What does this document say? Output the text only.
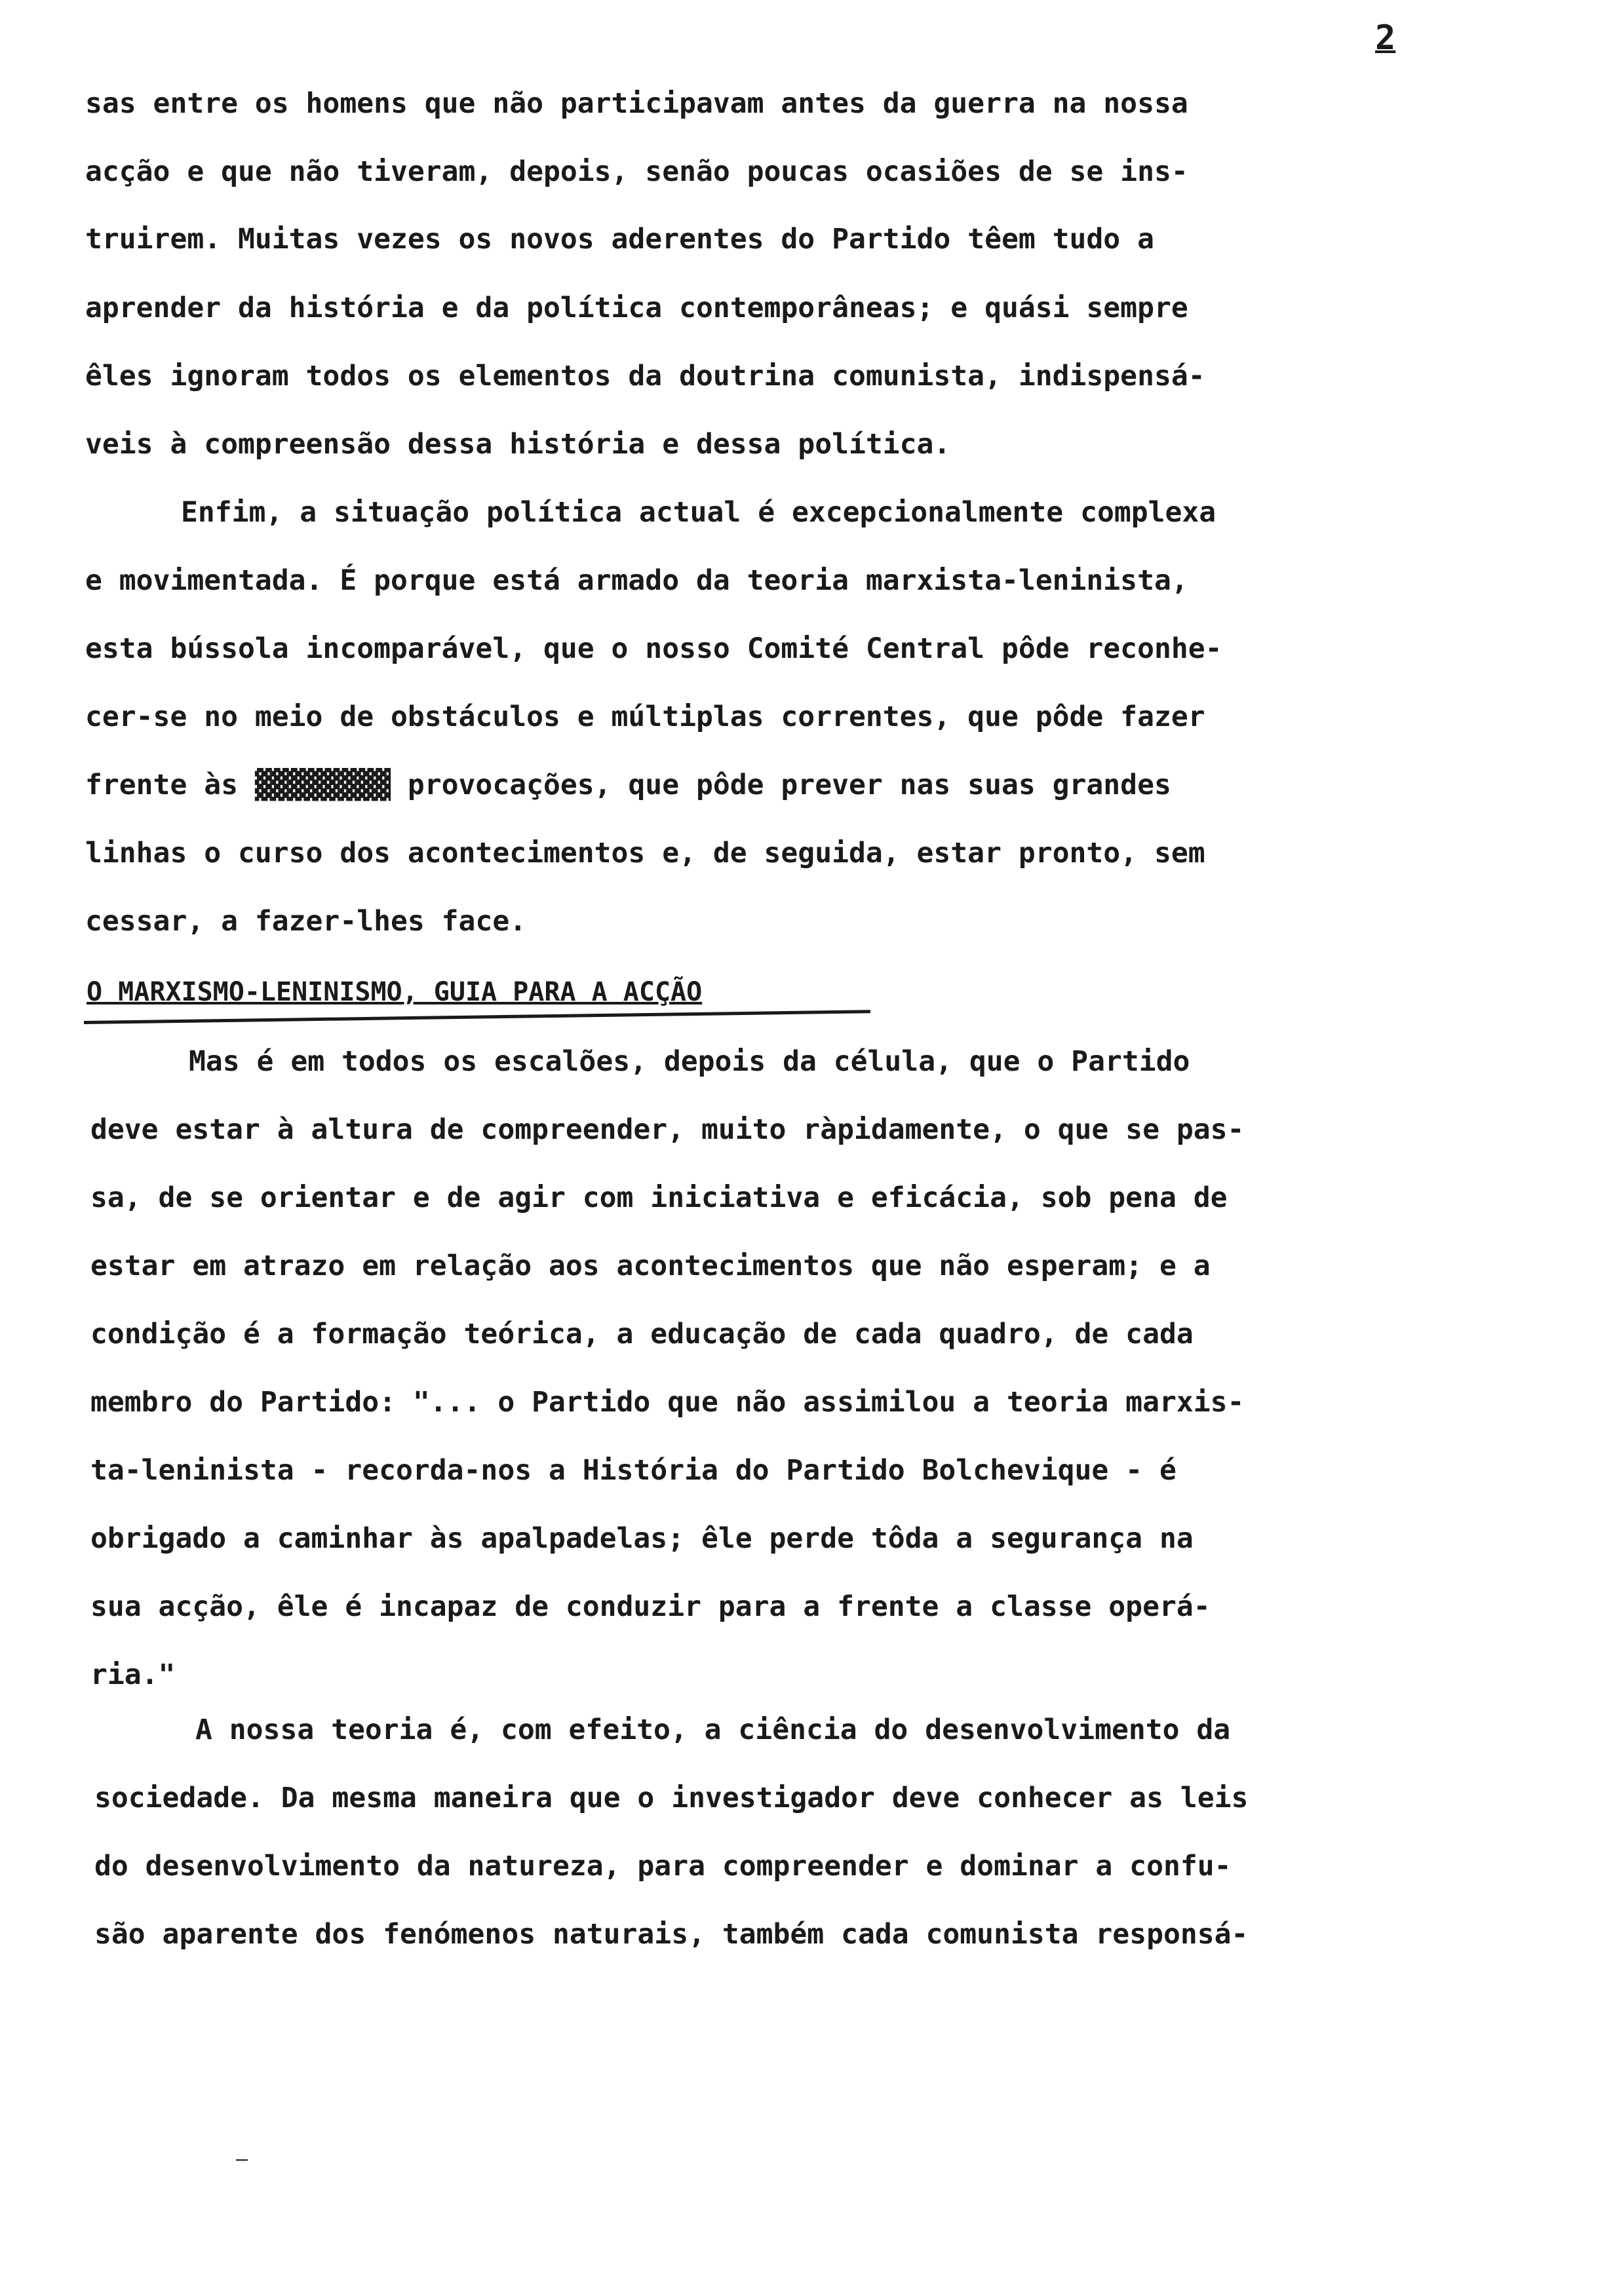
2
sas entre os homens que não participavam antes da guerra na nossa
acção e que não tiveram, depois, senão poucas ocasiões de se ins-
truirem. Muitas vezes os novos aderentes do Partido têem tudo a
aprender da história e da política contemporâneas; e quási sempre
êles ignoram todos os elementos da doutrina comunista, indispensá-
veis à compreensão dessa história e dessa política.
Enfim, a situação política actual é excepcionalmente complexa
e movimentada. É porque está armado da teoria marxista-leninista,
esta bússola incomparável, que o nosso Comité Central pôde reconhe-
cer-se no meio de obstáculos e múltiplas correntes, que pôde fazer
frente às ▓▓▓▓▓▓▓▓ provocações, que pôde prever nas suas grandes
linhas o curso dos acontecimentos e, de seguida, estar pronto, sem
cessar, a fazer-lhes face.
O MARXISMO-LENINISMO, GUIA PARA A ACÇÃO
Mas é em todos os escalões, depois da célula, que o Partido
deve estar à altura de compreender, muito ràpidamente, o que se pas-
sa, de se orientar e de agir com iniciativa e eficácia, sob pena de
estar em atrazo em relação aos acontecimentos que não esperam; e a
condição é a formação teórica, a educação de cada quadro, de cada
membro do Partido: "... o Partido que não assimilou a teoria marxis-
ta-leninista - recorda-nos a História do Partido Bolchevique - é
obrigado a caminhar às apalpadelas; êle perde tôda a segurança na
sua acção, êle é incapaz de conduzir para a frente a classe operá-
ria."
A nossa teoria é, com efeito, a ciência do desenvolvimento da
sociedade. Da mesma maneira que o investigador deve conhecer as leis
do desenvolvimento da natureza, para compreender e dominar a confu-
são aparente dos fenómenos naturais, também cada comunista responsá-
